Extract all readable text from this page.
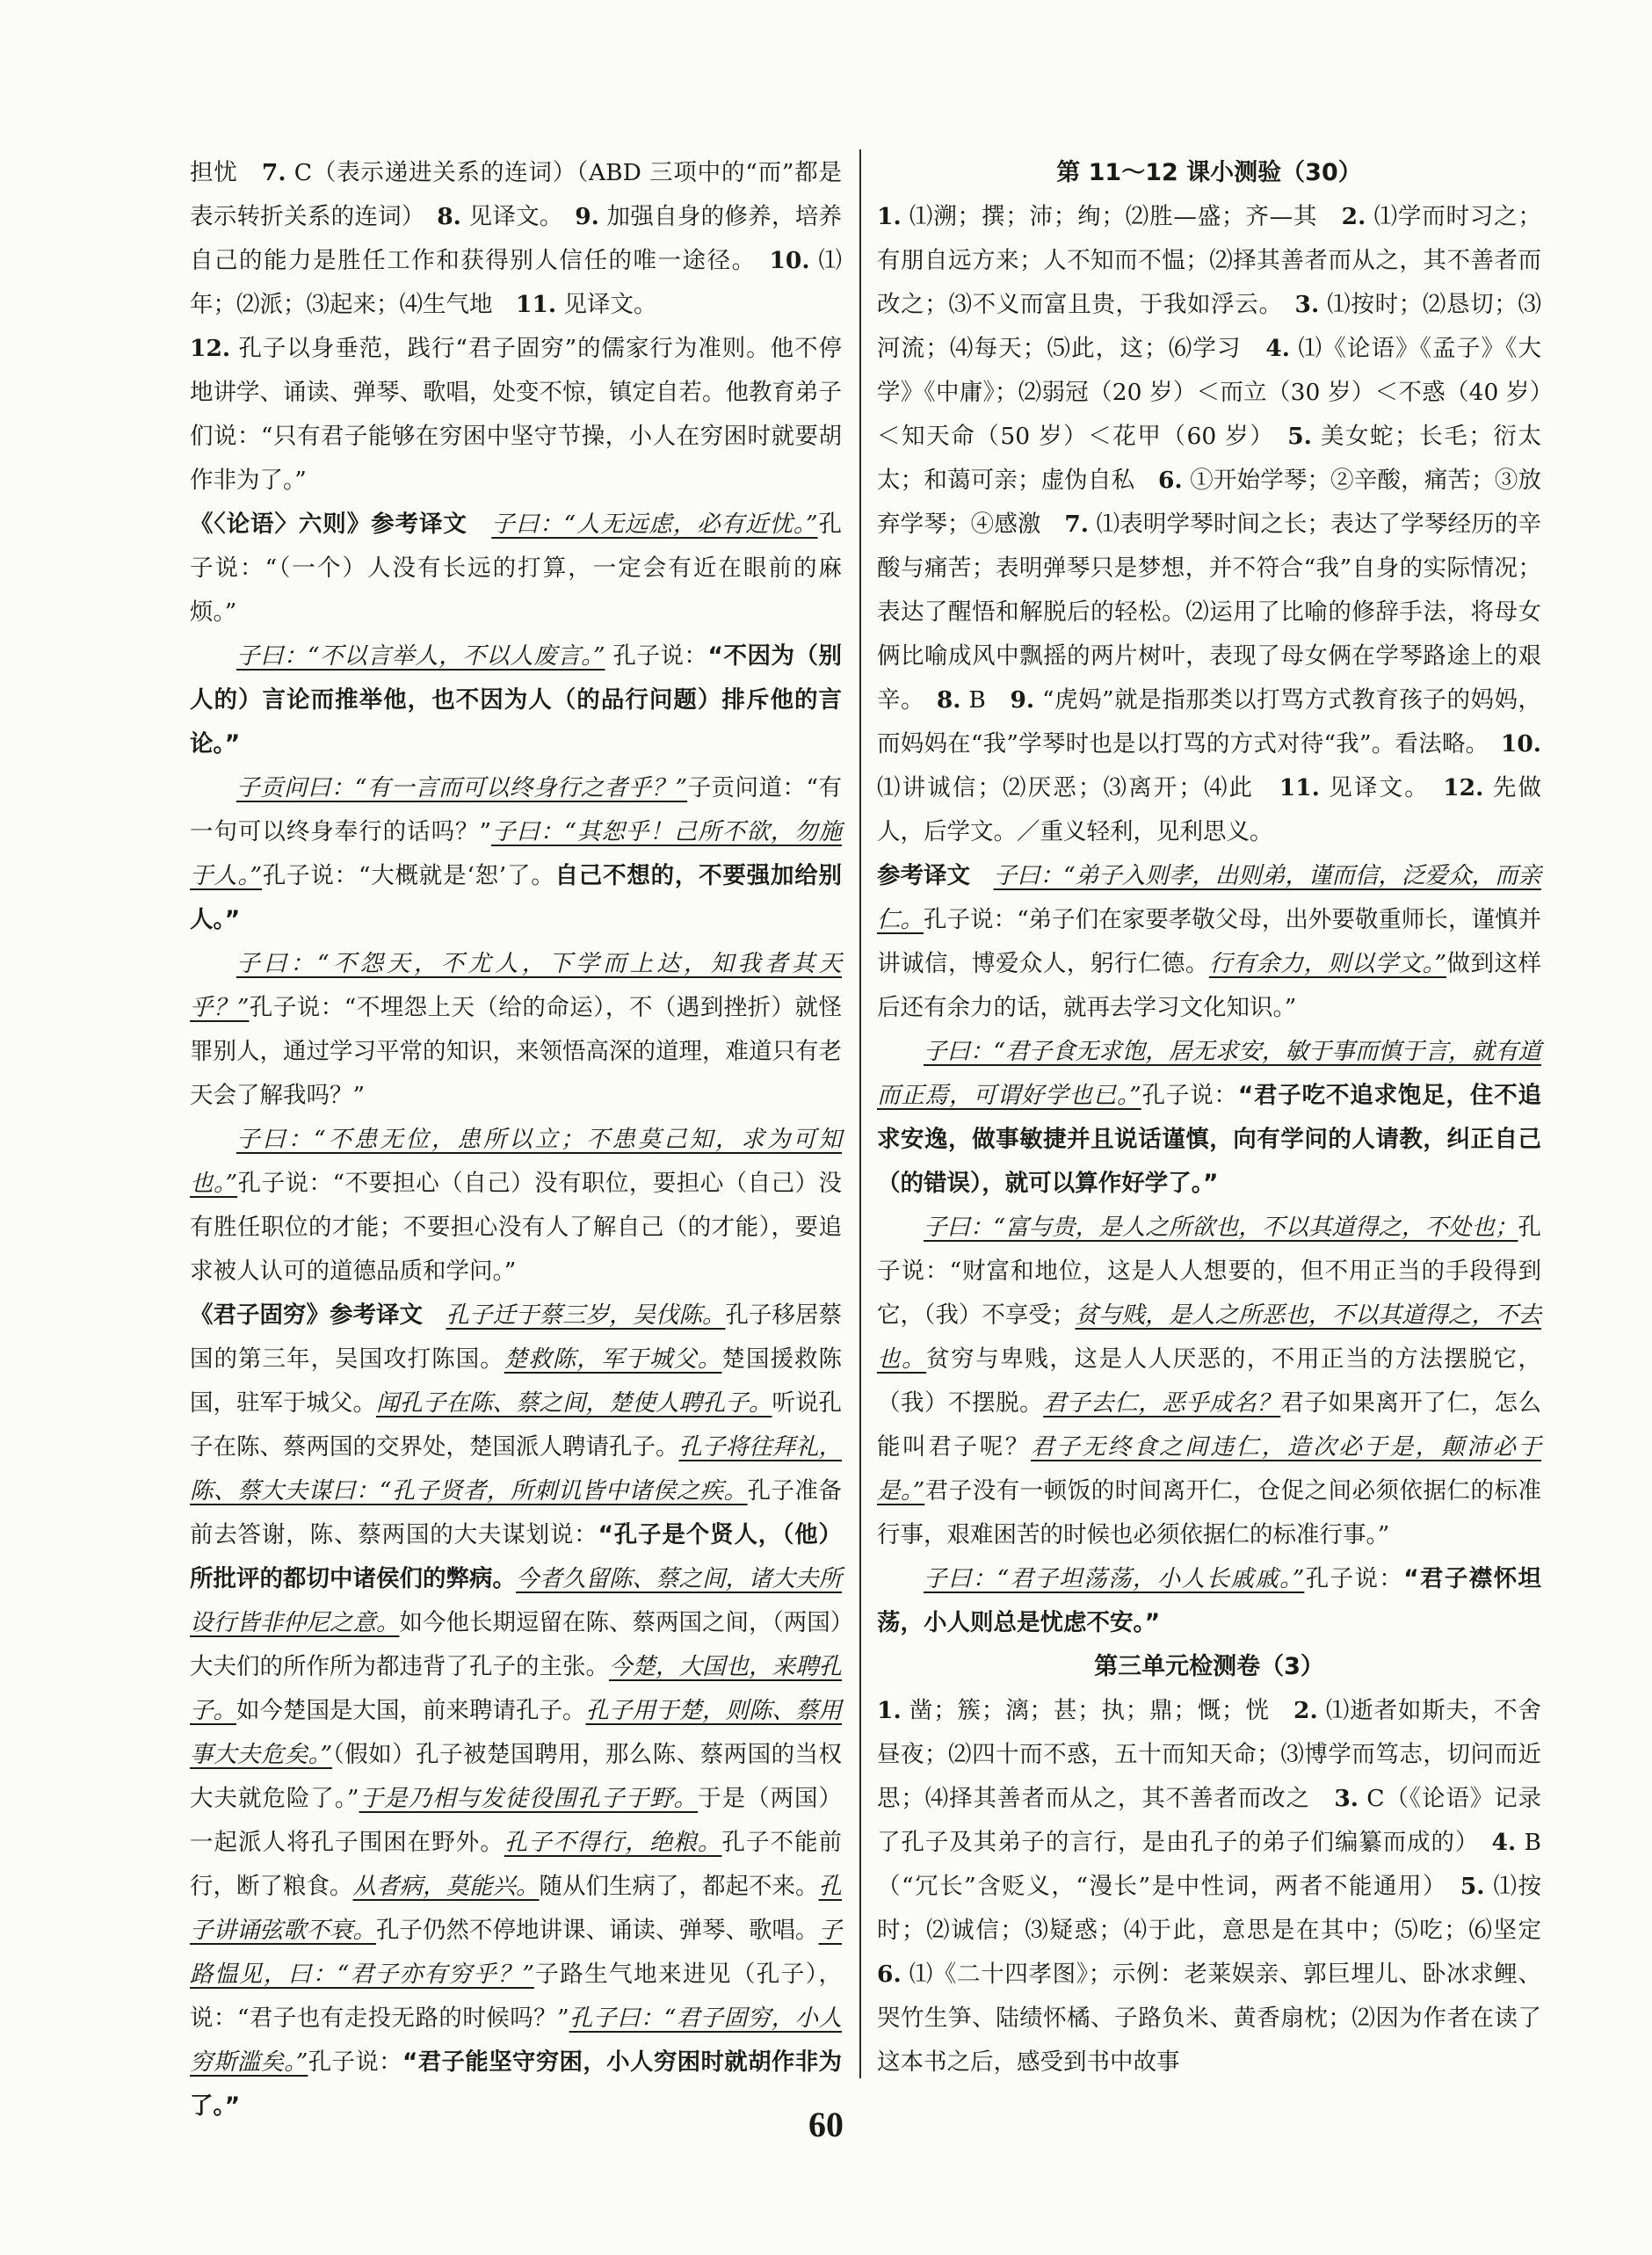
担忧　7. C（表示递进关系的连词）（ABD 三项中的“而”都是表示转折关系的连词）　8. 见译文。　9. 加强自身的修养，培养自己的能力是胜任工作和获得别人信任的唯一途径。　10. ⑴年；⑵派；⑶起来；⑷生气地　11. 见译文。

12. 孔子以身垂范，践行“君子固穷”的儒家行为准则。他不停地讲学、诵读、弹琴、歌唱，处变不惊，镇定自若。他教育弟子们说：“只有君子能够在穷困中坚守节操，小人在穷困时就要胡作非为了。”

《〈论语〉六则》参考译文　 子曰：“人无远虑，必有近忧。”孔子说：“（一个）人没有长远的打算，一定会有近在眼前的麻烦。”

子曰：“不以言举人，不以人废言。” 孔子说：“不因为（别人的）言论而推举他，也不因为人（的品行问题）排斥他的言论。”

子贡问曰：“有一言而可以终身行之者乎？”子贡问道：“有一句可以终身奉行的话吗？”子曰：“其恕乎！己所不欲，勿施于人。”孔子说：“大概就是‘恕’了。自己不想的，不要强加给别人。”

子曰：“不怨天，不尤人，下学而上达，知我者其天乎？”孔子说：“不埋怨上天（给的命运），不（遇到挫折）就怪罪别人，通过学习平常的知识，来领悟高深的道理，难道只有老天会了解我吗？”

子曰：“不患无位，患所以立；不患莫己知，求为可知也。”孔子说：“不要担心（自己）没有职位，要担心（自己）没有胜任职位的才能；不要担心没有人了解自己（的才能），要追求被人认可的道德品质和学问。”

《君子固穷》参考译文　 孔子迁于蔡三岁，吴伐陈。孔子移居蔡国的第三年，吴国攻打陈国。楚救陈，军于城父。楚国援救陈国，驻军于城父。闻孔子在陈、蔡之间，楚使人聘孔子。听说孔子在陈、蔡两国的交界处，楚国派人聘请孔子。孔子将往拜礼，陈、蔡大夫谋曰：“孔子贤者，所刺讥皆中诸侯之疾。孔子准备前去答谢，陈、蔡两国的大夫谋划说：“孔子是个贤人，（他）所批评的都切中诸侯们的弊病。今者久留陈、蔡之间，诸大夫所设行皆非仲尼之意。如今他长期逗留在陈、蔡两国之间，（两国）大夫们的所作所为都违背了孔子的主张。今楚，大国也，来聘孔子。如今楚国是大国，前来聘请孔子。孔子用于楚，则陈、蔡用事大夫危矣。”（假如）孔子被楚国聘用，那么陈、蔡两国的当权大夫就危险了。”于是乃相与发徒役围孔子于野。于是（两国）一起派人将孔子围困在野外。孔子不得行，绝粮。孔子不能前行，断了粮食。从者病，莫能兴。随从们生病了，都起不来。孔子讲诵弦歌不衰。孔子仍然不停地讲课、诵读、弹琴、歌唱。子路愠见，曰：“君子亦有穷乎？”子路生气地来进见（孔子），说：“君子也有走投无路的时候吗？”孔子曰：“君子固穷，小人穷斯滥矣。”孔子说：“君子能坚守穷困，小人穷困时就胡作非为了。”

第 11～12 课小测验（30）

1. ⑴溯；撰；沛；绚；⑵胜—盛；齐—其　2. ⑴学而时习之；有朋自远方来；人不知而不愠；⑵择其善者而从之，其不善者而改之；⑶不义而富且贵，于我如浮云。　3. ⑴按时；⑵恳切；⑶河流；⑷每天；⑸此，这；⑹学习　4. ⑴《论语》《孟子》《大学》《中庸》；⑵弱冠（20 岁）＜而立（30 岁）＜不惑（40 岁）＜知天命（50 岁）＜花甲（60 岁）　5. 美女蛇；长毛；衍太太；和蔼可亲；虚伪自私　6. ①开始学琴；②辛酸，痛苦；③放弃学琴；④感激　7. ⑴表明学琴时间之长；表达了学琴经历的辛酸与痛苦；表明弹琴只是梦想，并不符合“我”自身的实际情况；表达了醒悟和解脱后的轻松。⑵运用了比喻的修辞手法，将母女俩比喻成风中飘摇的两片树叶，表现了母女俩在学琴路途上的艰辛。　8. B　9. “虎妈”就是指那类以打骂方式教育孩子的妈妈，而妈妈在“我”学琴时也是以打骂的方式对待“我”。看法略。　10. ⑴讲诚信；⑵厌恶；⑶离开；⑷此　11. 见译文。　12. 先做人，后学文。／重义轻利，见利思义。

参考译文　 子曰：“弟子入则孝，出则弟，谨而信，泛爱众，而亲仁。孔子说：“弟子们在家要孝敬父母，出外要敬重师长，谨慎并讲诚信，博爱众人，躬行仁德。行有余力，则以学文。”做到这样后还有余力的话，就再去学习文化知识。”

子曰：“君子食无求饱，居无求安，敏于事而慎于言，就有道而正焉，可谓好学也已。”孔子说：“君子吃不追求饱足，住不追求安逸，做事敏捷并且说话谨慎，向有学问的人请教，纠正自己（的错误），就可以算作好学了。”

子曰：“富与贵，是人之所欲也，不以其道得之，不处也；孔子说：“财富和地位，这是人人想要的，但不用正当的手段得到它，（我）不享受；贫与贱，是人之所恶也，不以其道得之，不去也。贫穷与卑贱，这是人人厌恶的，不用正当的方法摆脱它，（我）不摆脱。君子去仁，恶乎成名？君子如果离开了仁，怎么能叫君子呢？君子无终食之间违仁，造次必于是，颠沛必于是。”君子没有一顿饭的时间离开仁，仓促之间必须依据仁的标准行事，艰难困苦的时候也必须依据仁的标准行事。”

子曰：“君子坦荡荡，小人长戚戚。”孔子说：“君子襟怀坦荡，小人则总是忧虑不安。”

第三单元检测卷（3）

1. 凿；簇；漓；甚；执；鼎；慨；恍　2. ⑴逝者如斯夫，不舍昼夜；⑵四十而不惑，五十而知天命；⑶博学而笃志，切问而近思；⑷择其善者而从之，其不善者而改之　3. C（《论语》记录了孔子及其弟子的言行，是由孔子的弟子们编纂而成的）　4. B（“冗长”含贬义，“漫长”是中性词，两者不能通用）　5. ⑴按时；⑵诚信；⑶疑惑；⑷于此，意思是在其中；⑸吃；⑹坚定　6. ⑴《二十四孝图》；示例：老莱娱亲、郭巨埋儿、卧冰求鲤、哭竹生笋、陆绩怀橘、子路负米、黄香扇枕；⑵因为作者在读了这本书之后，感受到书中故事

60
